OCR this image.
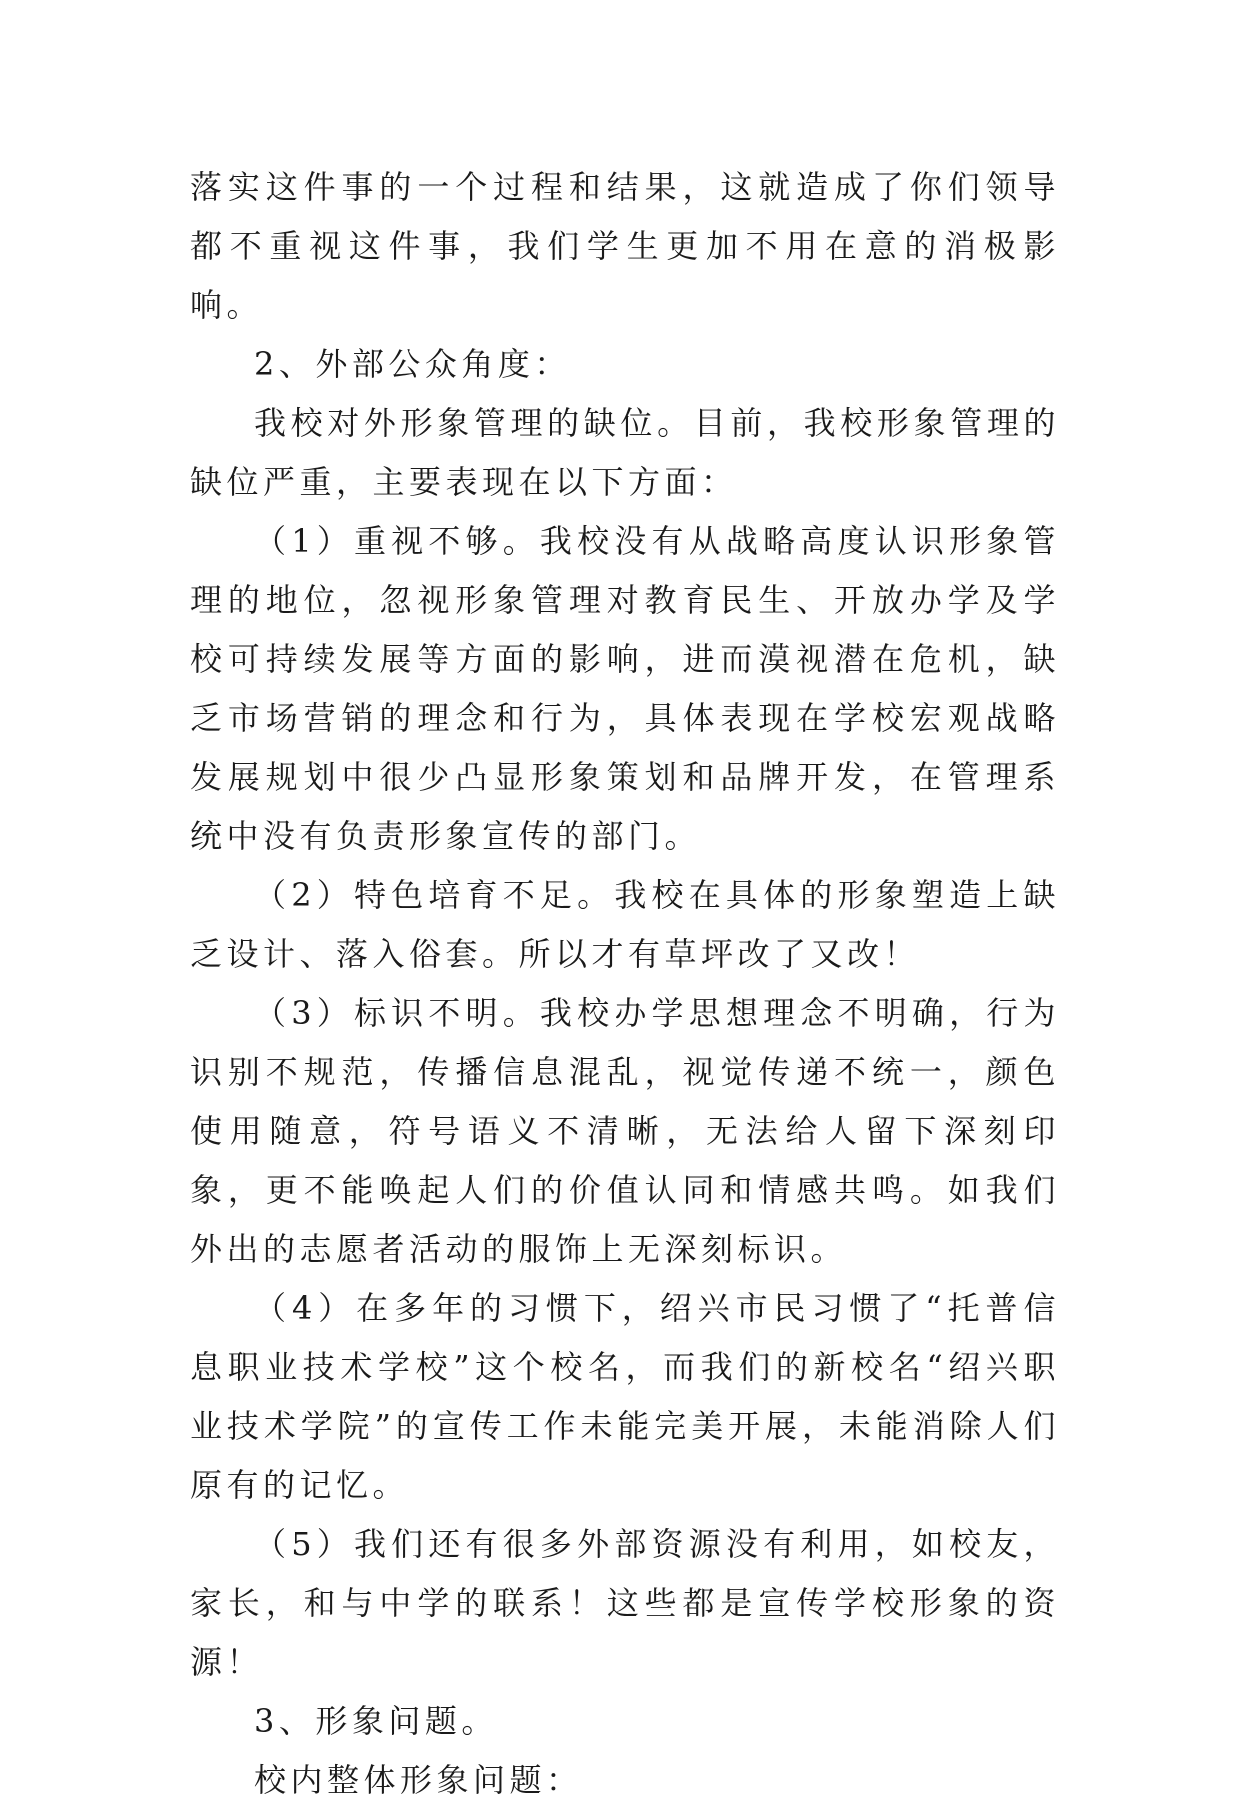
落实这件事的一个过程和结果，这就造成了你们领导都不重视这件事，我们学生更加不用在意的消极影响。

2、外部公众角度：

我校对外形象管理的缺位。目前，我校形象管理的缺位严重，主要表现在以下方面：

（1）重视不够。我校没有从战略高度认识形象管理的地位，忽视形象管理对教育民生、开放办学及学校可持续发展等方面的影响，进而漠视潜在危机，缺乏市场营销的理念和行为，具体表现在学校宏观战略发展规划中很少凸显形象策划和品牌开发，在管理系统中没有负责形象宣传的部门。

（2）特色培育不足。我校在具体的形象塑造上缺乏设计、落入俗套。所以才有草坪改了又改！

（3）标识不明。我校办学思想理念不明确，行为识别不规范，传播信息混乱，视觉传递不统一，颜色使用随意，符号语义不清晰，无法给人留下深刻印象，更不能唤起人们的价值认同和情感共鸣。如我们外出的志愿者活动的服饰上无深刻标识。

（4）在多年的习惯下，绍兴市民习惯了“托普信息职业技术学校”这个校名，而我们的新校名“绍兴职业技术学院”的宣传工作未能完美开展，未能消除人们原有的记忆。

（5）我们还有很多外部资源没有利用，如校友，家长，和与中学的联系！这些都是宣传学校形象的资源！

3、形象问题。

校内整体形象问题：
